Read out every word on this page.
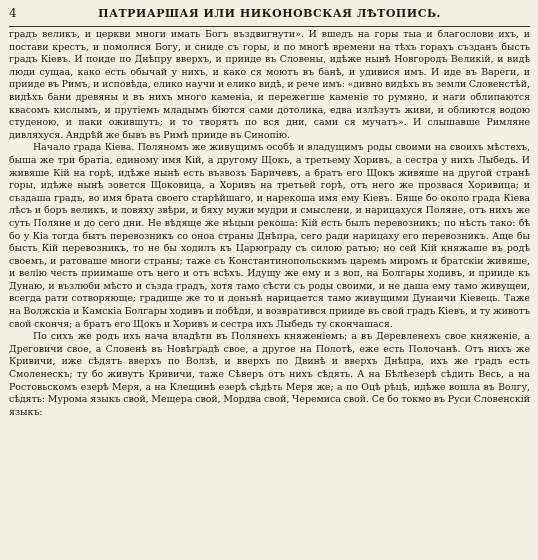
4	ПАТРИАРШАЯ ИЛИ НИКОНОВСКАЯ ЛѢТОПИСЬ.

градъ великъ, и церкви многи имать Богъ въздвигнути». И вшедъ на горы тыа и благослови ихъ, и постави крестъ, и помолися Богу, и сниде съ горы, и по многѣ времени на тѣхъ горахъ създанъ бысть градъ Кіевъ. И поиде по Днѣпру вверхъ, и прииде въ Словены, идѣже нынѣ Новгородъ Великій, и видѣ люди сущаа, како есть обычай у нихъ, и како ся моютъ въ банѣ, и удивися имъ. И иде въ Вареги, и прииде въ Римъ, и исповѣда, елико научи и елико видѣ, и рече имъ: «дивно видѣхъ въ земли Словенстѣй, видѣхъ бани древяны и въ нихъ много каменіа, и пережегше каменіе то румяно, и наги облипаются квасомъ кислымъ, и прутіемъ младымъ біются сами дотолика, едва излѣзутъ живи, и облиются водою студеною, и паки ожившутъ; и то творятъ по вся дни, сами ся мучатъ». И слышавше Римляне дивляхуся. Андрѣй же бывъ въ Римѣ прииде въ Синопію.

Начало града Кіева. Поляномъ же живущимъ особѣ и владущимъ роды своими на своихъ мѣстехъ, быша же три братіа, единому имя Кій, а другому Щокъ, а третьему Хоривъ, а сестра у нихъ Лыбедь. И живяше Кій на горѣ, идѣже нынѣ есть възвозъ Баричевъ, а братъ его Щокъ живяше на другой странѣ горы, идѣже нынѣ зовется Щоковица, а Хоривъ на третьей горѣ, отъ него же прозвася Хоривица; и създаша градъ, во имя брата своего старѣйшаго, и нарекоша имя ему Кіевъ. Бяше бо около града Кіева лѣсъ и боръ великъ, и ловяху звѣри, и бяху мужи мудри и смыслени, и нарицахуся Поляне, отъ нихъ же суть Поляне и до сего дни. Не вѣдяще же нѣцыи рекоша: Кій есть былъ перевозникъ; по нѣсть тако: бѣ бо у Кіа тогда бытъ перевозникъ со оноа страны Днѣпра, сего ради нарицаху его перевозникъ. Аще бы бысть Кій перевозникъ, то не бы ходилъ къ Царюграду съ силою ратью; но сей Кій княжаше въ родѣ своемъ, и ратоваше многи страны; таже съ Константинопольскимъ царемъ миромъ и братскiи живяше, и велію честь приимаше отъ него и отъ всѣхъ. Идущу же ему и з воп, на Болгары ходивъ, и прииде къ Дунаю, и възлюби мѣсто и създа градъ, хотя тамо сѣсти съ роды своими, и не даша ему тамо живущеи, всегда рати сотворяюще; градище же то и доньнѣ нарицается тамо живущими Дунаичи Кіевець. Таже на Волжскіа и Камскіа Болгары ходивъ и побѣди, и возвратився прииде въ свой градъ Кіевъ, и ту животъ свой скончя; а братъ его Щокъ и Хоривъ и сестра ихъ Лыбедь ту скончашася.

По сихъ же родъ ихъ нача владѣти въ Полянехъ княженіемъ; а въ Деревленехъ свое княженіе, а Дреговичи свое, а Словенѣ въ Новѣградѣ свое, а другое на Полотѣ, еже есть Полочанѣ. Отъ нихъ же Кривичи, иже сѣдятъ вверхъ по Волзѣ, и вверхъ по Двинѣ и вверхъ Днѣпра, ихъ же градъ есть Смоленескъ; ту бо живутъ Кривичи, таже Сѣверъ отъ нихъ сѣдять. А на Бѣлѣезерѣ сѣдить Весь, а на Ростовьскомъ езерѣ Меря, а на Клещинѣ езерѣ сѣдѣть Меря же; а по Оцѣ рѣцѣ, идѣже вошла въ Волгу, сѣдять: Мурома языкъ свой, Мещера свой, Мордва свой, Черемиса свой. Се бо токмо въ Руси Словенскій языкъ:
